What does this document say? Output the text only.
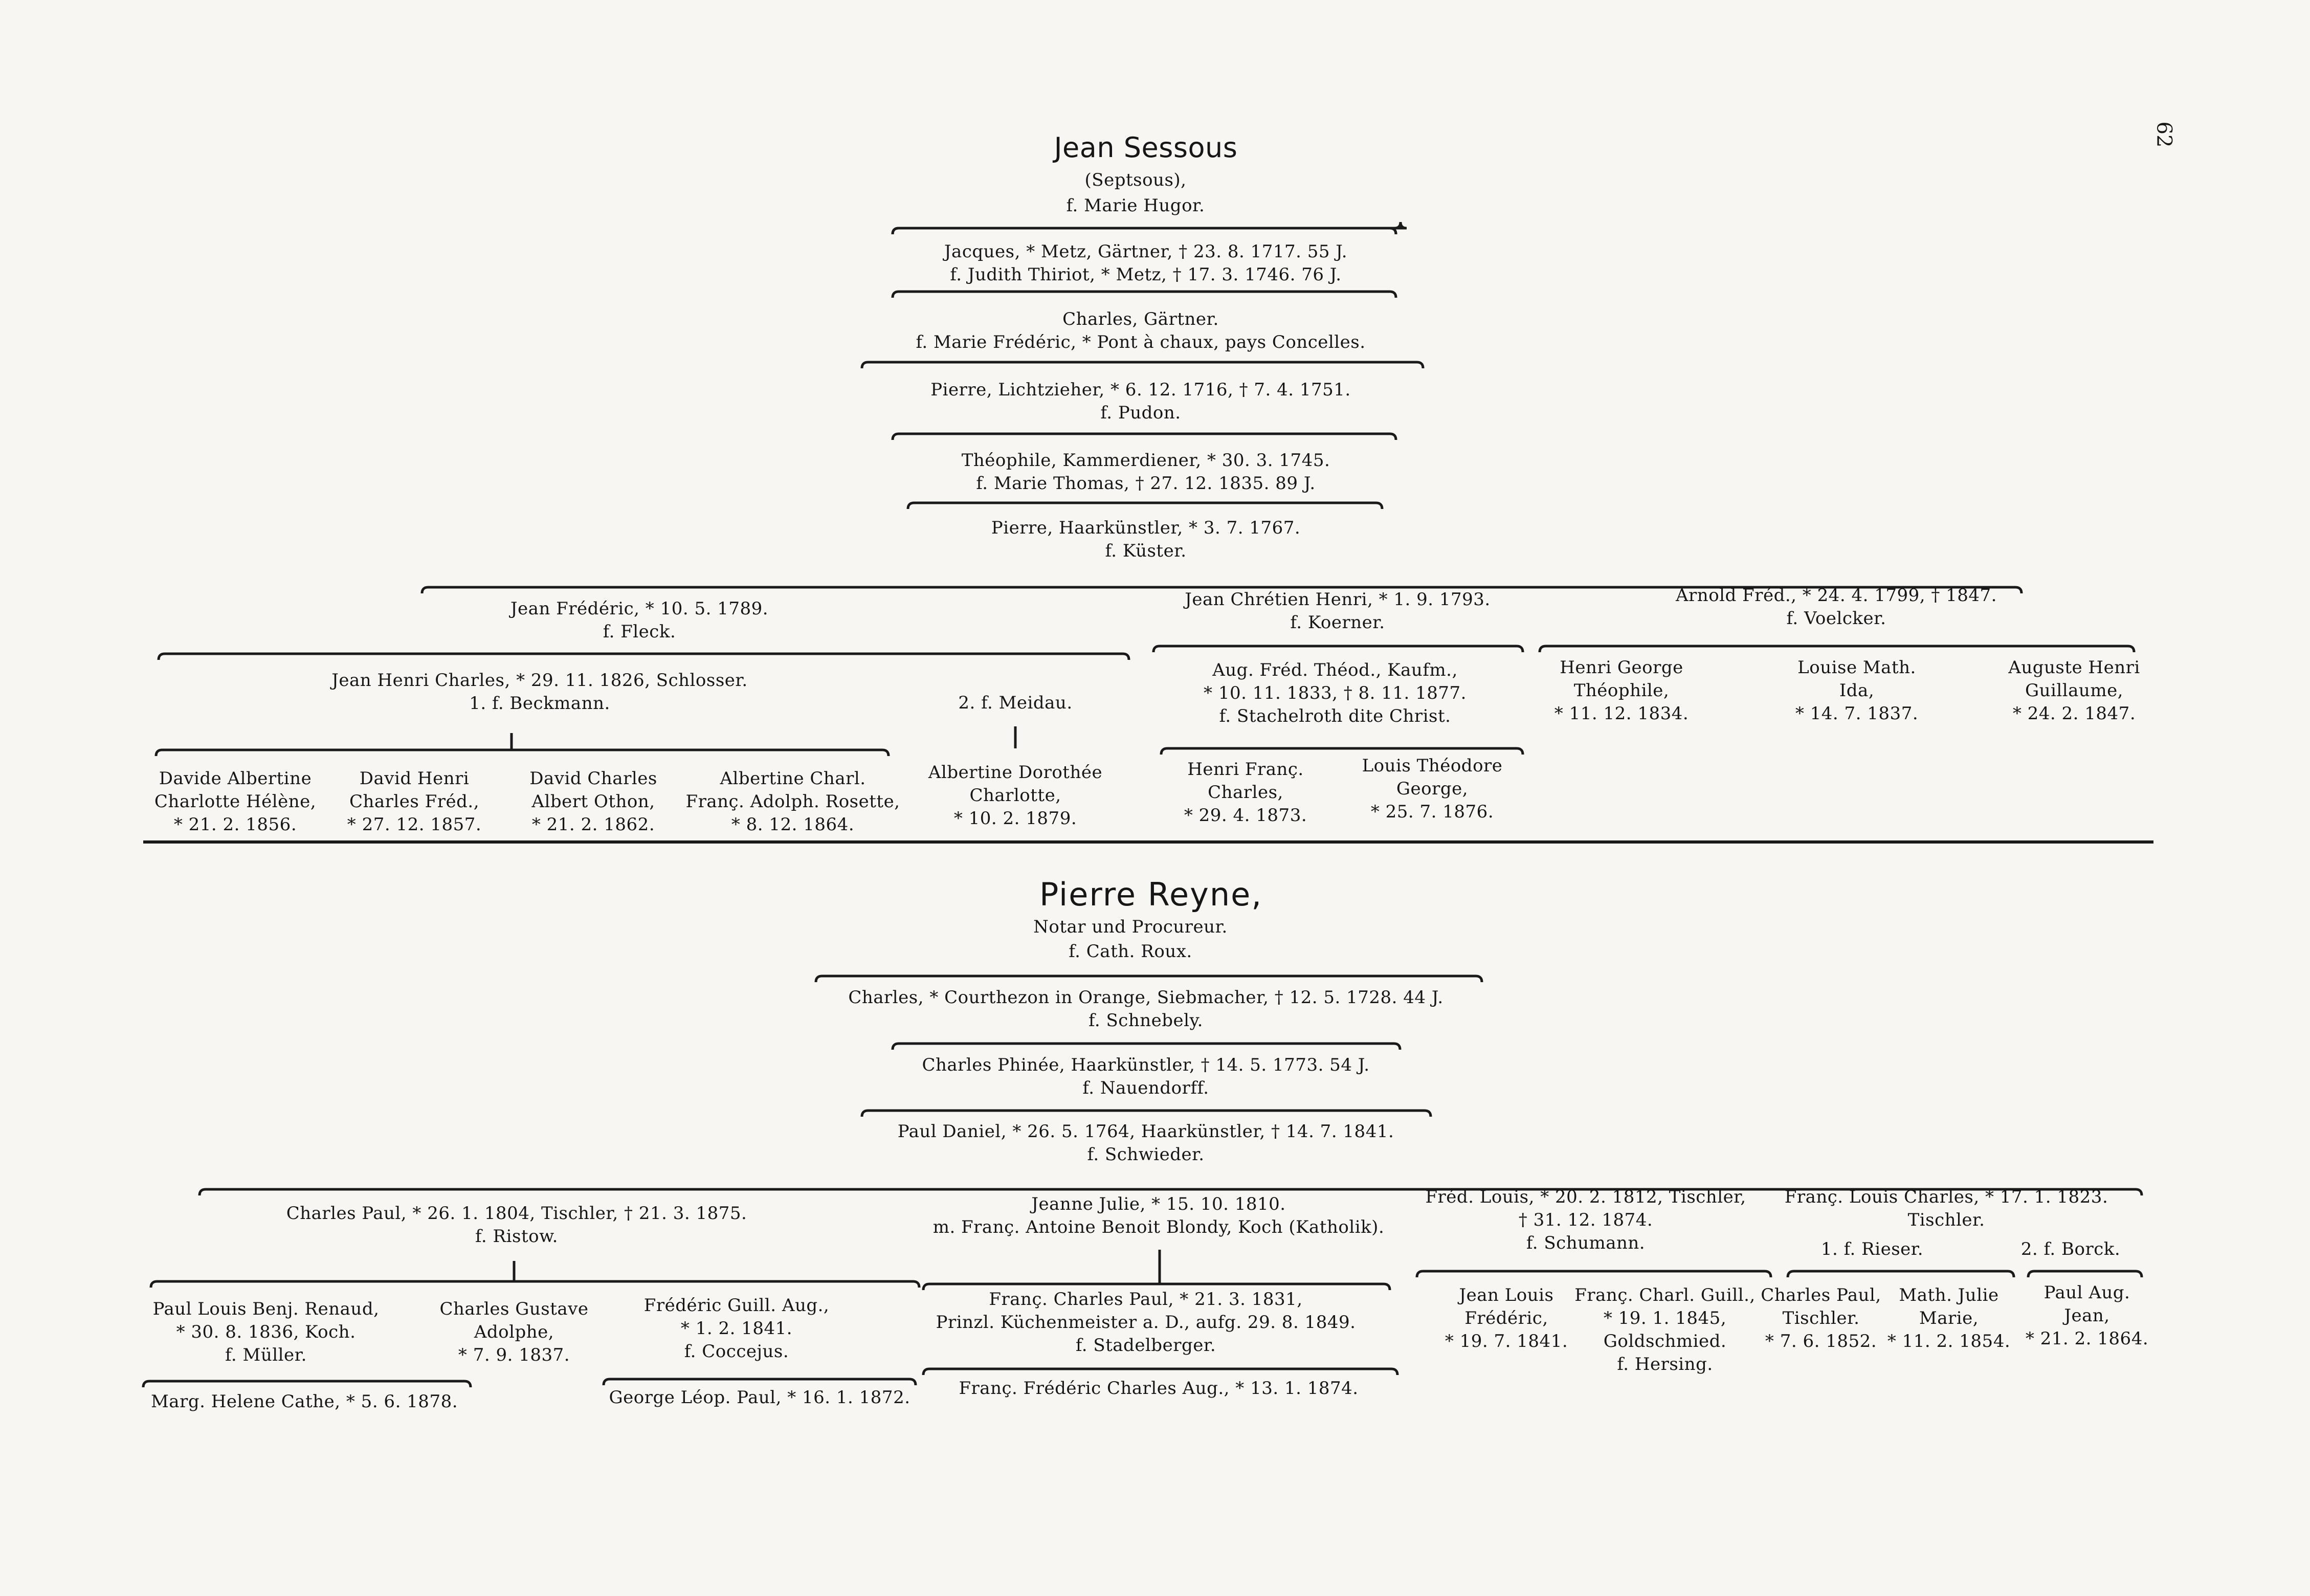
62
Jean Sessous
(Septsous),
f. Marie Hugor.
Jacques, * Metz, Gärtner, † 23. 8. 1717. 55 J.
f. Judith Thiriot, * Metz, † 17. 3. 1746. 76 J.
Charles, Gärtner.
f. Marie Frédéric, * Pont à chaux, pays Concelles.
Pierre, Lichtzieher, * 6. 12. 1716, † 7. 4. 1751.
f. Pudon.
Théophile, Kammerdiener, * 30. 3. 1745.
f. Marie Thomas, † 27. 12. 1835. 89 J.
Pierre, Haarkünstler, * 3. 7. 1767.
f. Küster.
Jean Frédéric, * 10. 5. 1789.
f. Fleck.
Jean Chrétien Henri, * 1. 9. 1793.
f. Koerner.
Arnold Fréd., * 24. 4. 1799, † 1847.
f. Voelcker.
Jean Henri Charles, * 29. 11. 1826, Schlosser.
1. f. Beckmann.	2. f. Meidau.
Aug. Fréd. Théod., Kaufm.,
* 10. 11. 1833, † 8. 11. 1877.
f. Stachelroth dite Christ.
Henri George
Théophile,
* 11. 12. 1834.
Louise Math.
Ida,
* 14. 7. 1837.
Auguste Henri
Guillaume,
* 24. 2. 1847.
Davide Albertine
Charlotte Hélène,
* 21. 2. 1856.
David Henri
Charles Fréd.,
* 27. 12. 1857.
David Charles
Albert Othon,
* 21. 2. 1862.
Albertine Charl.
Franç. Adolph. Rosette,
* 8. 12. 1864.
Albertine Dorothée
Charlotte,
* 10. 2. 1879.
Henri Franç.
Charles,
* 29. 4. 1873.
Louis Théodore
George,
* 25. 7. 1876.
Pierre Reyne,
Notar und Procureur.
f. Cath. Roux.
Charles, * Courthezon in Orange, Siebmacher, † 12. 5. 1728. 44 J.
f. Schnebely.
Charles Phinée, Haarkünstler, † 14. 5. 1773. 54 J.
f. Nauendorff.
Paul Daniel, * 26. 5. 1764, Haarkünstler, † 14. 7. 1841.
f. Schwieder.
Charles Paul, * 26. 1. 1804, Tischler, † 21. 3. 1875.
f. Ristow.
Jeanne Julie, * 15. 10. 1810.
m. Franç. Antoine Benoit Blondy, Koch (Katholik).
Fréd. Louis, * 20. 2. 1812, Tischler,
† 31. 12. 1874.
f. Schumann.
Franç. Louis Charles, * 17. 1. 1823.
Tischler.
1. f. Rieser.	2. f. Borck.
Paul Louis Benj. Renaud,
* 30. 8. 1836, Koch.
f. Müller.
Charles Gustave
Adolphe,
* 7. 9. 1837.
Frédéric Guill. Aug.,
* 1. 2. 1841.
f. Coccejus.
Franç. Charles Paul, * 21. 3. 1831,
Prinzl. Küchenmeister a. D., aufg. 29. 8. 1849.
f. Stadelberger.
Jean Louis
Frédéric,
* 19. 7. 1841.
Franç. Charl. Guill.,
* 19. 1. 1845,
Goldschmied.
f. Hersing.
Charles Paul,
Tischler.
* 7. 6. 1852.
Math. Julie
Marie,
* 11. 2. 1854.
Paul Aug.
Jean,
* 21. 2. 1864.
Marg. Helene Cathe, * 5. 6. 1878.	George Léop. Paul, * 16. 1. 1872.	Franç. Frédéric Charles Aug., * 13. 1. 1874.
